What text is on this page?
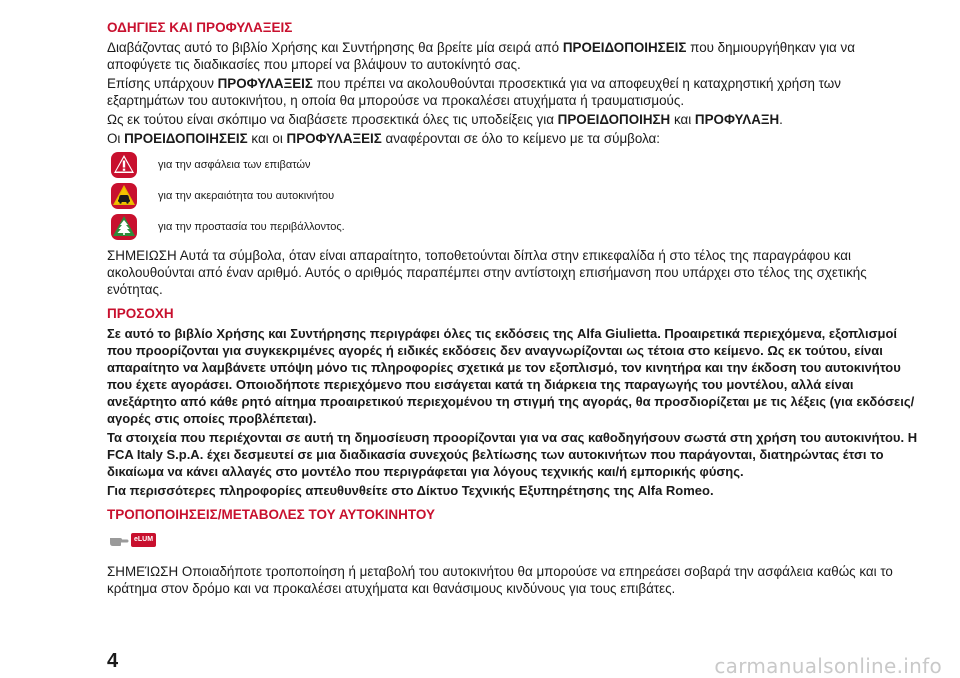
ΟΔΗΓΙΕΣ ΚΑΙ ΠΡΟΦΥΛΑΞΕΙΣ

Διαβάζοντας αυτό το βιβλίο Χρήσης και Συντήρησης θα βρείτε μία σειρά από ΠΡΟΕΙΔΟΠΟΙΗΣΕΙΣ που δημιουργήθηκαν για να αποφύγετε τις διαδικασίες που μπορεί να βλάψουν το αυτοκίνητό σας.

Επίσης υπάρχουν ΠΡΟΦΥΛΑΞΕΙΣ που πρέπει να ακολουθούνται προσεκτικά για να αποφευχθεί η καταχρηστική χρήση των εξαρτημάτων του αυτοκινήτου, η οποία θα μπορούσε να προκαλέσει ατυχήματα ή τραυματισμούς.

Ως εκ τούτου είναι σκόπιμο να διαβάσετε προσεκτικά όλες τις υποδείξεις για ΠΡΟΕΙΔΟΠΟΙΗΣΗ και ΠΡΟΦΥΛΑΞΗ.

Οι ΠΡΟΕΙΔΟΠΟΙΗΣΕΙΣ και οι ΠΡΟΦΥΛΑΞΕΙΣ αναφέρονται σε όλο το κείμενο με τα σύμβολα:

για την ασφάλεια των επιβατών
για την ακεραιότητα του αυτοκινήτου
για την προστασία του περιβάλλοντος.

ΣΗΜΕΙΩΣΗ Αυτά τα σύμβολα, όταν είναι απαραίτητο, τοποθετούνται δίπλα στην επικεφαλίδα ή στο τέλος της παραγράφου και ακολουθούνται από έναν αριθμό. Αυτός ο αριθμός παραπέμπει στην αντίστοιχη επισήμανση που υπάρχει στο τέλος της σχετικής ενότητας.

ΠΡΟΣΟΧΗ

Σε αυτό το βιβλίο Χρήσης και Συντήρησης περιγράφει όλες τις εκδόσεις της Alfa Giulietta. Προαιρετικά περιεχόμενα, εξοπλισμοί που προορίζονται για συγκεκριμένες αγορές ή ειδικές εκδόσεις δεν αναγνωρίζονται ως τέτοια στο κείμενο. Ως εκ τούτου, είναι απαραίτητο να λαμβάνετε υπόψη μόνο τις πληροφορίες σχετικά με τον εξοπλισμό, τον κινητήρα και την έκδοση του αυτοκινήτου που έχετε αγοράσει. Οποιοδήποτε περιεχόμενο που εισάγεται κατά τη διάρκεια της παραγωγής του μοντέλου, αλλά είναι ανεξάρτητο από κάθε ρητό αίτημα προαιρετικού περιεχομένου τη στιγμή της αγοράς, θα προσδιορίζεται με τις λέξεις (για εκδόσεις/αγορές στις οποίες προβλέπεται).

Τα στοιχεία που περιέχονται σε αυτή τη δημοσίευση προορίζονται για να σας καθοδηγήσουν σωστά στη χρήση του αυτοκινήτου. Η FCA Italy S.p.A. έχει δεσμευτεί σε μια διαδικασία συνεχούς βελτίωσης των αυτοκινήτων που παράγονται, διατηρώντας έτσι το δικαίωμα να κάνει αλλαγές στο μοντέλο που περιγράφεται για λόγους τεχνικής και/ή εμπορικής φύσης.

Για περισσότερες πληροφορίες απευθυνθείτε στο Δίκτυο Τεχνικής Εξυπηρέτησης της Alfa Romeo.

ΤΡΟΠΟΠΟΙΗΣΕΙΣ/ΜΕΤΑΒΟΛΕΣ ΤΟΥ ΑΥΤΟΚΙΝΗΤΟΥ

eLUM

ΣΗΜΕΊΩΣΗ Οποιαδήποτε τροποποίηση ή μεταβολή του αυτοκινήτου θα μπορούσε να επηρεάσει σοβαρά την ασφάλεια καθώς και το κράτημα στον δρόμο και να προκαλέσει ατυχήματα και θανάσιμους κινδύνους για τους επιβάτες.

4	carmanualsonline.info
